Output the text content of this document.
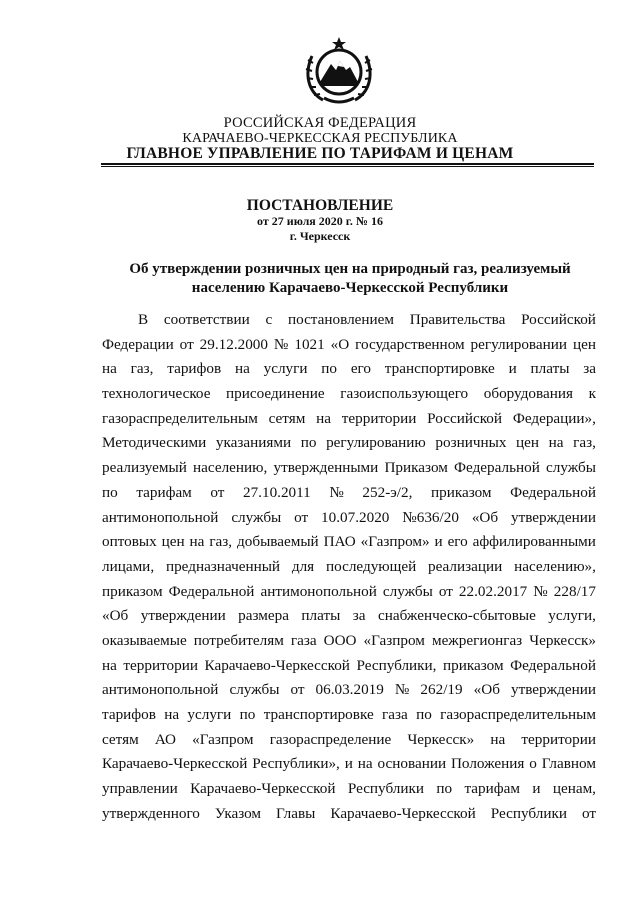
РОССИЙСКАЯ ФЕДЕРАЦИЯ
КАРАЧАЕВО-ЧЕРКЕССКАЯ РЕСПУБЛИКА
ГЛАВНОЕ УПРАВЛЕНИЕ ПО ТАРИФАМ И ЦЕНАМ
ПОСТАНОВЛЕНИЕ
от 27 июля 2020 г. № 16
г. Черкесск
Об утверждении розничных цен на природный газ, реализуемый
населению Карачаево-Черкесской Республики
В соответствии с постановлением Правительства Российской
Федерации от 29.12.2000 № 1021 «О государственном регулировании цен
на газ, тарифов на услуги по его транспортировке и платы за
технологическое присоединение газоиспользующего оборудования к
газораспределительным сетям на территории Российской Федерации»,
Методическими указаниями по регулированию розничных цен на газ,
реализуемый населению, утвержденными Приказом Федеральной службы
по тарифам от 27.10.2011 № 252-э/2, приказом Федеральной
антимонопольной службы от 10.07.2020 №636/20 «Об утверждении
оптовых цен на газ, добываемый ПАО «Газпром» и его аффилированными
лицами, предназначенный для последующей реализации населению»,
приказом Федеральной антимонопольной службы от 22.02.2017 № 228/17
«Об утверждении размера платы за снабженческо-сбытовые услуги,
оказываемые потребителям газа ООО «Газпром межрегионгаз Черкесск»
на территории Карачаево-Черкесской Республики, приказом Федеральной
антимонопольной службы от 06.03.2019 № 262/19 «Об утверждении
тарифов на услуги по транспортировке газа по газораспределительным
сетям АО «Газпром газораспределение Черкесск» на территории
Карачаево-Черкесской Республики», и на основании Положения о Главном
управлении Карачаево-Черкесской Республики по тарифам и ценам,
утвержденного Указом Главы Карачаево-Черкесской Республики от
